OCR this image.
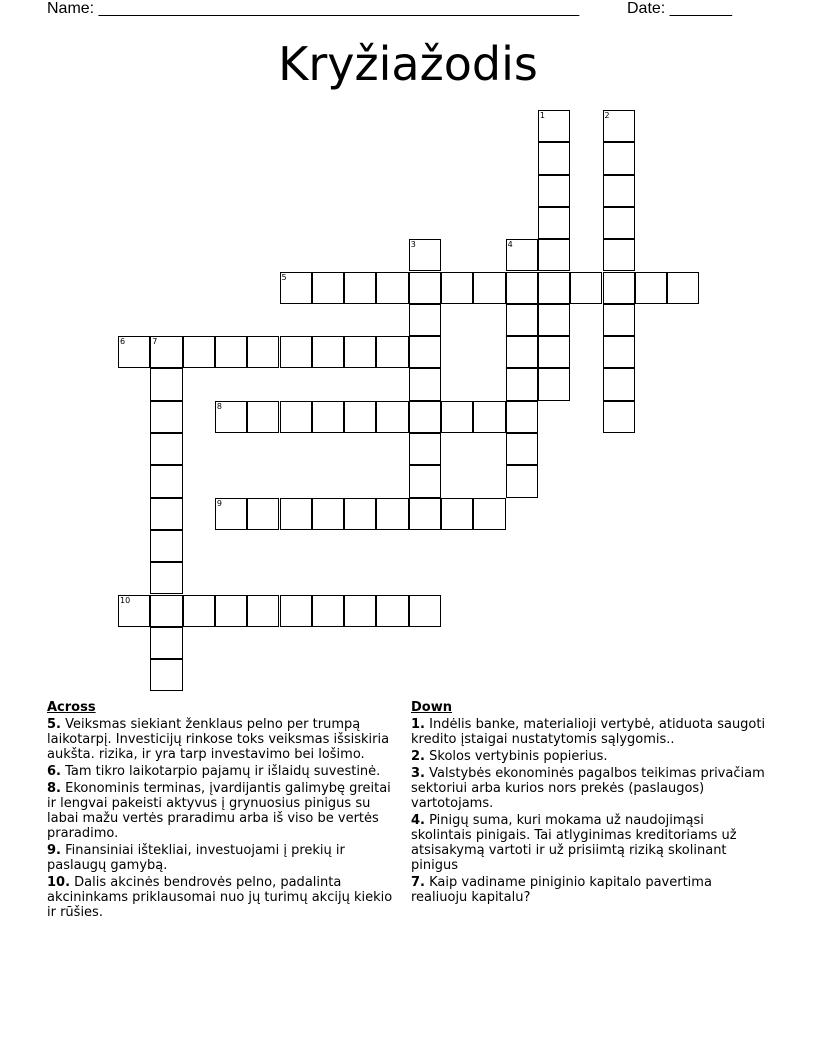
Name: ______________________________________________________	Date: _______
Kryžiažodis
1	2
3	4
5
6	7
8
9
10
Across
5. Veiksmas siekiant ženklaus pelno per trumpą laikotarpį. Investicijų rinkose toks veiksmas išsiskiria aukšta. rizika, ir yra tarp investavimo bei lošimo.
6. Tam tikro laikotarpio pajamų ir išlaidų suvestinė.
8. Ekonominis terminas, įvardijantis galimybę greitai ir lengvai pakeisti aktyvus į grynuosius pinigus su labai mažu vertės praradimu arba iš viso be vertės praradimo.
9. Finansiniai ištekliai, investuojami į prekių ir paslaugų gamybą.
10. Dalis akcinės bendrovės pelno, padalinta akcininkams priklausomai nuo jų turimų akcijų kiekio ir rūšies.
Down
1. Indėlis banke, materialioji vertybė, atiduota saugoti kredito įstaigai nustatytomis sąlygomis..
2. Skolos vertybinis popierius.
3. Valstybės ekonominės pagalbos teikimas privačiam sektoriui arba kurios nors prekės (paslaugos) vartotojams.
4. Pinigų suma, kuri mokama už naudojimąsi skolintais pinigais. Tai atlyginimas kreditoriams už atsisakymą vartoti ir už prisiimtą riziką skolinant pinigus
7. Kaip vadiname piniginio kapitalo pavertima realiuoju kapitalu?
